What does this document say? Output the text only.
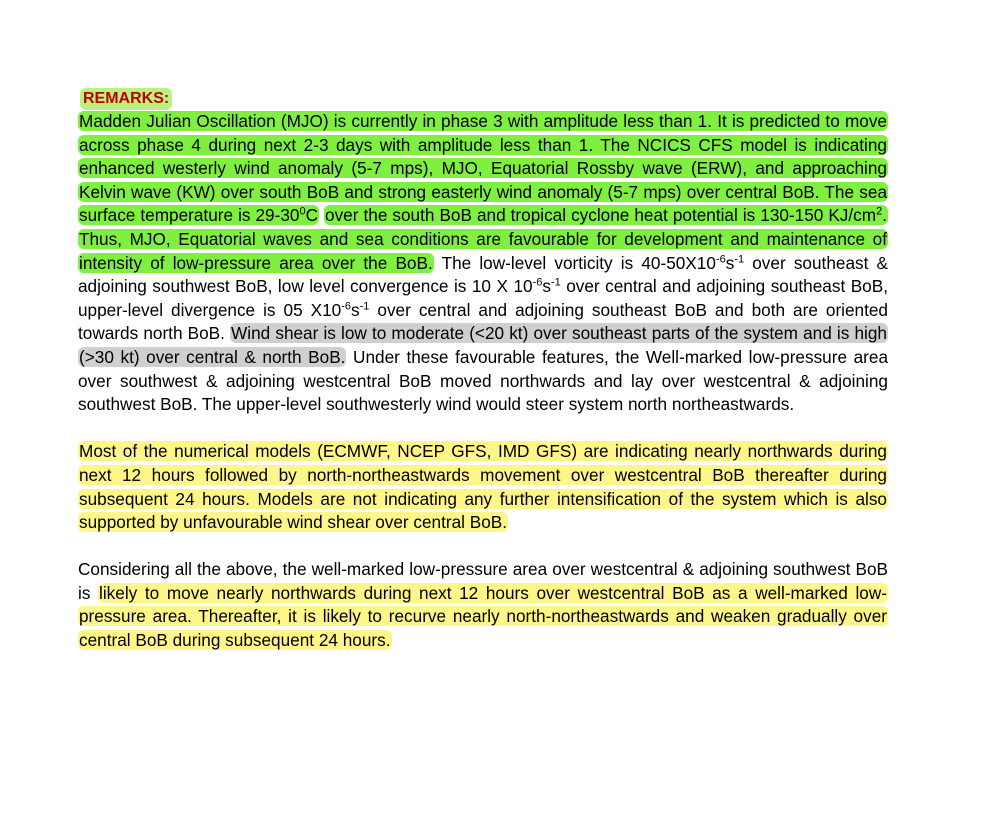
REMARKS:

Madden Julian Oscillation (MJO) is currently in phase 3 with amplitude less than 1. It is predicted to move across phase 4 during next 2-3 days with amplitude less than 1. The NCICS CFS model is indicating enhanced westerly wind anomaly (5-7 mps), MJO, Equatorial Rossby wave (ERW), and approaching Kelvin wave (KW) over south BoB and strong easterly wind anomaly (5-7 mps) over central BoB. The sea surface temperature is $29-30^0C$ over the south BoB and tropical cyclone heat potential is 130-150 $KJ/cm^2$. Thus, MJO, Equatorial waves and sea conditions are favourable for development and maintenance of intensity of low-pressure area over the BoB. The low-level vorticity is $40-50X10^{-6}s^{-1}$ over southeast & adjoining southwest BoB, low level convergence is 10 X $10^{-6}s^{-1}$ over central and adjoining southeast BoB, upper-level divergence is 05 $X10^{-6}s^{-1}$ over central and adjoining southeast BoB and both are oriented towards north BoB. Wind shear is low to moderate (<20 kt) over southeast parts of the system and is high (>30 kt) over central & north BoB. Under these favourable features, the Well-marked low-pressure area over southwest & adjoining westcentral BoB moved northwards and lay over westcentral & adjoining southwest BoB. The upper-level southwesterly wind would steer system north northeastwards.

Most of the numerical models (ECMWF, NCEP GFS, IMD GFS) are indicating nearly northwards during next 12 hours followed by north-northeastwards movement over westcentral BoB thereafter during subsequent 24 hours. Models are not indicating any further intensification of the system which is also supported by unfavourable wind shear over central BoB.

Considering all the above, the well-marked low-pressure area over westcentral & adjoining southwest BoB is likely to move nearly northwards during next 12 hours over westcentral BoB as a well-marked low-pressure area. Thereafter, it is likely to recurve nearly north-northeastwards and weaken gradually over central BoB during subsequent 24 hours.
